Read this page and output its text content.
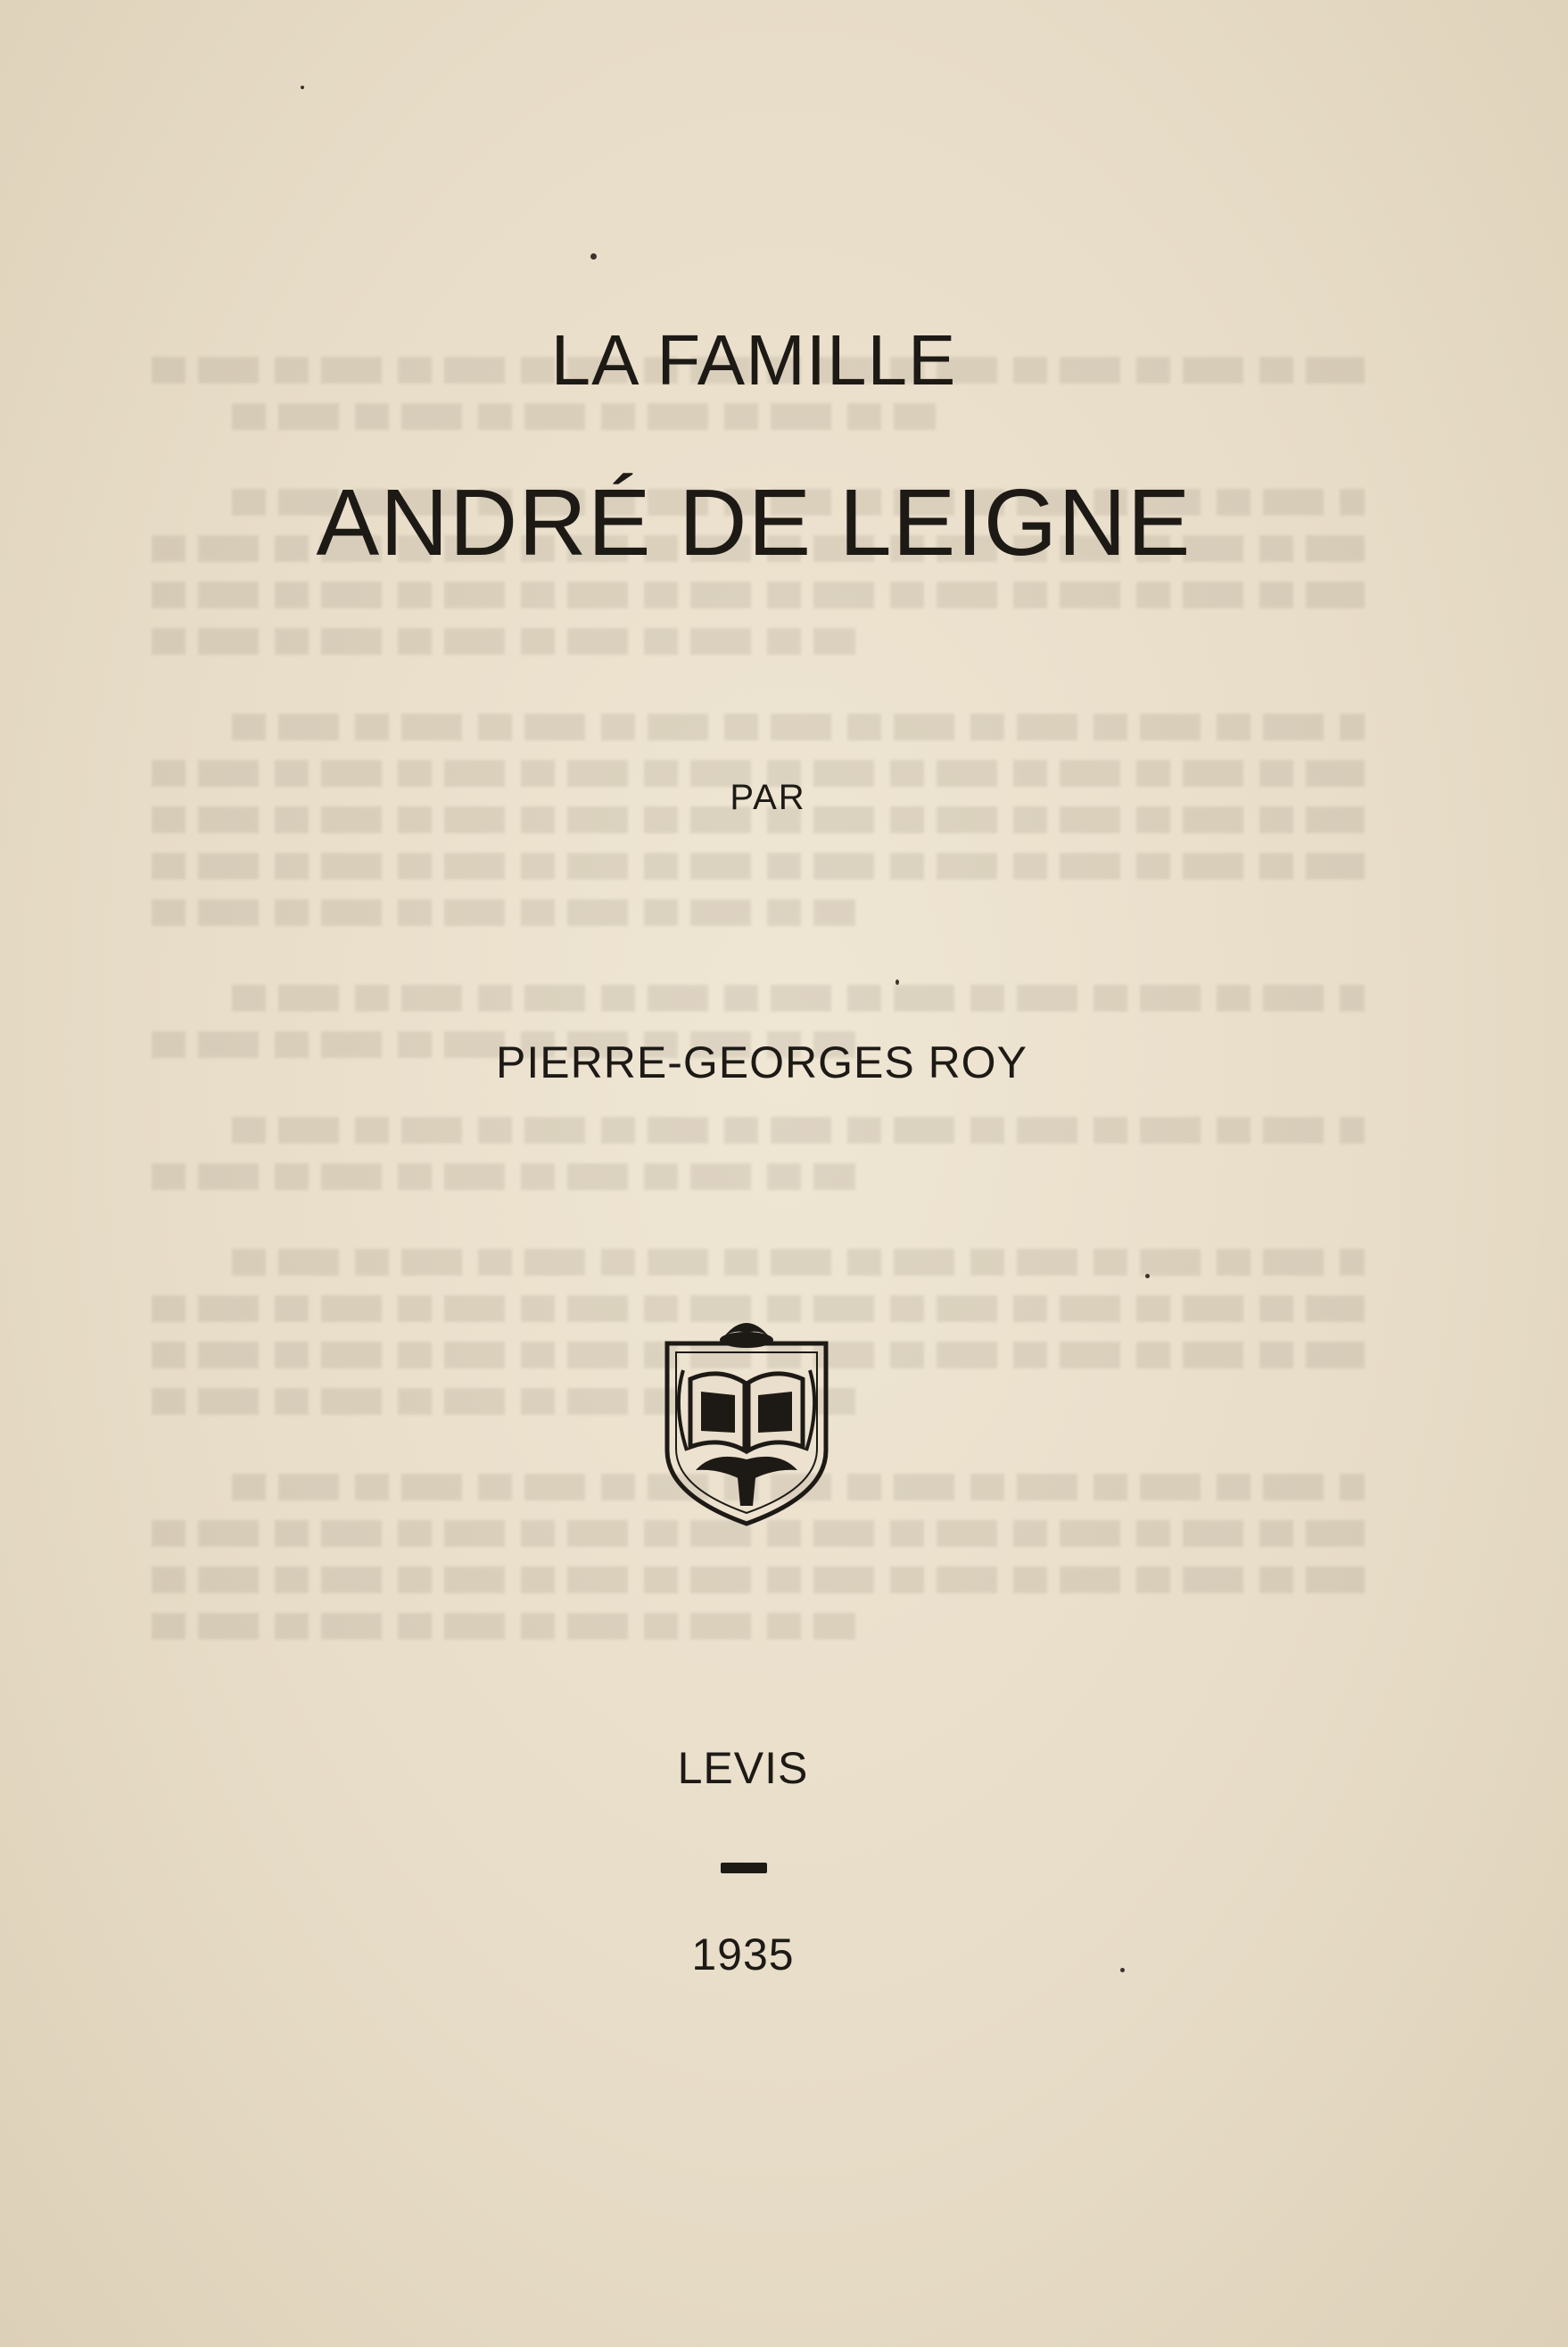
LA FAMILLE
ANDRÉ DE LEIGNE
PAR
PIERRE-GEORGES ROY
LEVIS
1935
